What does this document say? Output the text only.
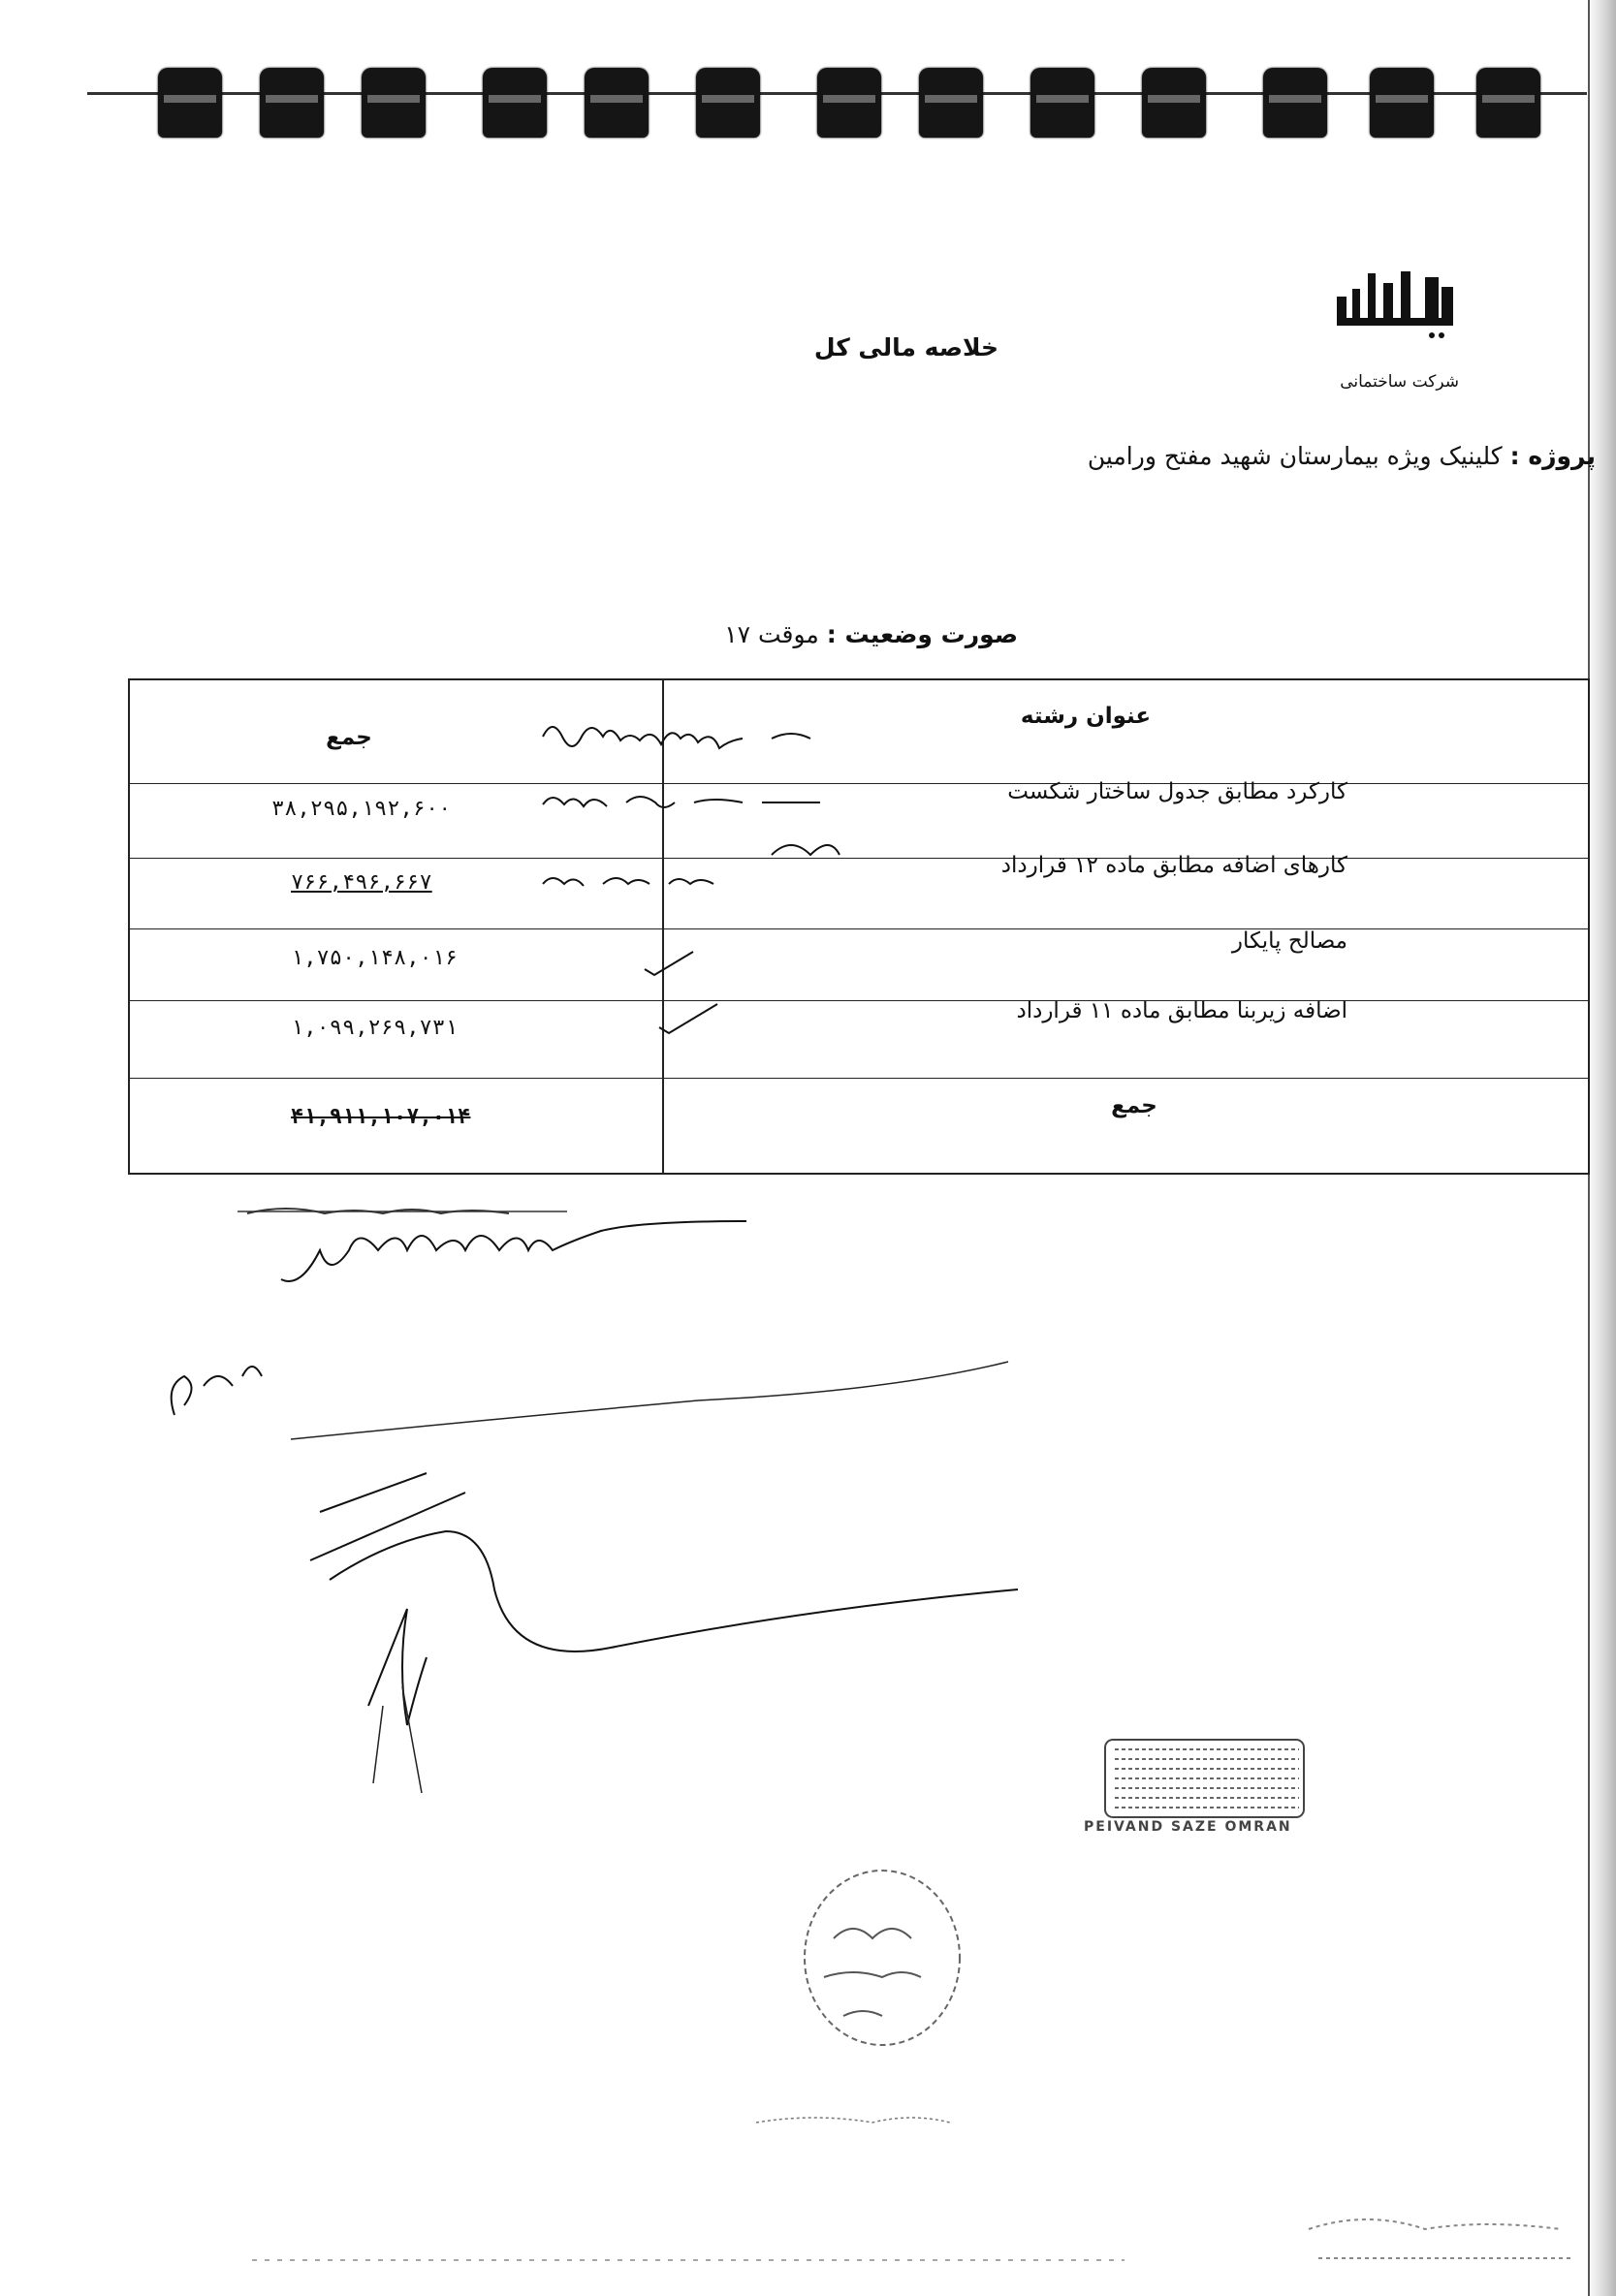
شرکت ساختمانی
خلاصه مالی کل
پروژه : کلینیک ویژه بیمارستان شهید مفتح ورامین
صورت وضعیت : موقت ۱۷
عنوان رشته
جمع
کارکرد مطابق جدول ساختار شکست
۳۸,۲۹۵,۱۹۲,۶۰۰
کارهای اضافه مطابق ماده ۱۲ قرارداد
۷۶۶,۴۹۶,۶۶۷
مصالح پایکار
۱,۷۵۰,۱۴۸,۰۱۶
اضافه زیربنا مطابق ماده ۱۱ قرارداد
۱,۰۹۹,۲۶۹,۷۳۱
جمع
۴۱,۹۱۱,۱۰۷,۰۱۴
PEIVAND SAZE OMRAN
